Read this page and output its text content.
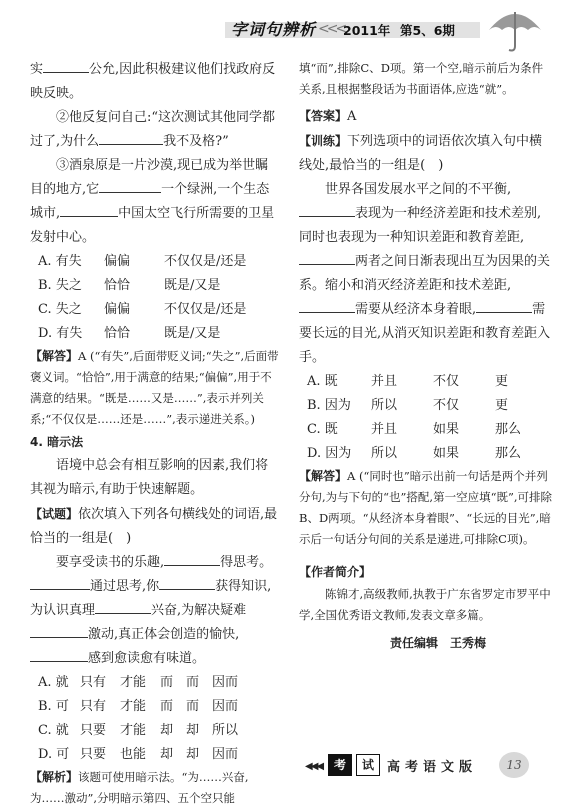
字词句辨析 <<<
2011年 第5、6期

实	公允,因此积极建议他们找政府反映反映。

②他反复问自己:“这次测试其他同学都过了,为什么	我不及格?”

③酒泉原是一片沙漠,现已成为举世瞩目的地方,它	一个绿洲,一个生态城市,	中国太空飞行所需要的卫星发射中心。

A. 有失	偏偏	不仅仅是/还是
B. 失之	恰恰	既是/又是
C. 失之	偏偏	不仅仅是/还是
D. 有失	恰恰	既是/又是

【解答】A (“有失”,后面带贬义词;“失之”,后面带褒义词。“恰恰”,用于满意的结果;“偏偏”,用于不满意的结果。“既是……又是……”,表示并列关系;“不仅仅是……还是……”,表示递进关系。)

4. 暗示法

语境中总会有相互影响的因素,我们将其视为暗示,有助于快速解题。

【试题】依次填入下列各句横线处的词语,最恰当的一组是(　)

要享受读书的乐趣,	得思考。通过思考,你	获得知识,为认识真理	兴奋,为解决疑难激动,真正体会创造的愉快,感到愈读愈有味道。

A. 就 只有	才能	而 而 因而
B. 可 只有	才能	而 而 因而
C. 就 只要	才能	却 却 所以
D. 可 只要	也能	却 却 因而

【解析】该题可使用暗示法。“为……兴奋,为……激动”,分明暗示第四、五个空只能

填“而”,排除C、D项。第一个空,暗示前后为条件关系,且根据整段话为书面语体,应选“就”。

【答案】A

【训练】下列选项中的词语依次填入句中横线处,最恰当的一组是(　)

世界各国发展水平之间的不平衡,表现为一种经济差距和技术差别,同时也表现为一种知识差距和教育差距,两者之间日渐表现出互为因果的关系。缩小和消灭经济差距和技术差距,需要从经济本身着眼,	需要长远的目光,从消灭知识差距和教育差距入手。

A. 既	并且	不仅	更
B. 因为	所以	不仅	更
C. 既	并且	如果	那么
D. 因为	所以	如果	那么

【解答】A (“同时也”暗示出前一句话是两个并列分句,为与下句的“也”搭配,第一空应填“既”,可排除B、D两项。“从经济本身着眼”、“长远的目光”,暗示后一句话分句间的关系是递进,可排除C项)。

【作者简介】

陈锦才,高级教师,执教于广东省罗定市罗平中学,全国优秀语文教师,发表文章多篇。

责任编辑　王秀梅
◀◀◀ 考	试	高考语文版	13
